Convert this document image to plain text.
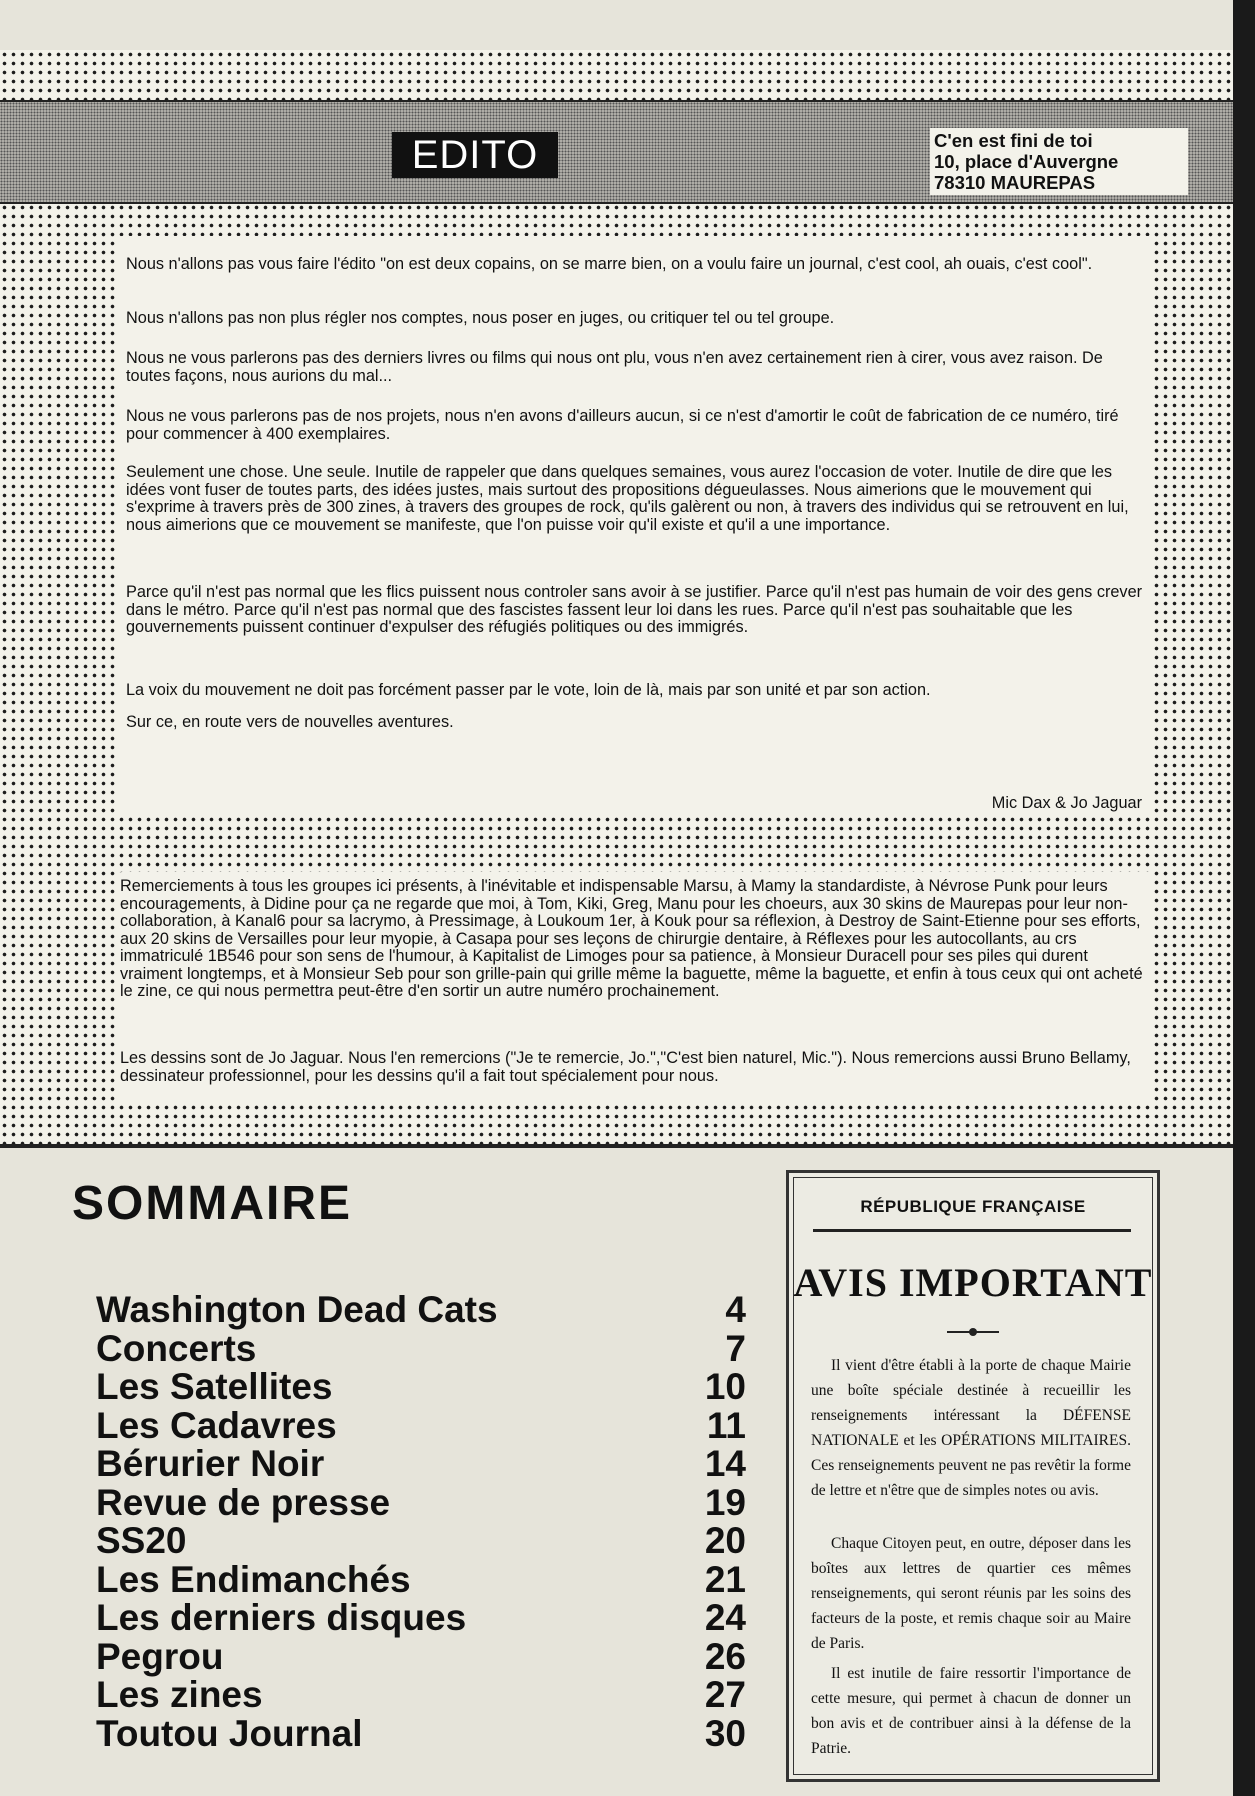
EDITO	C'en est fini de toi
10, place d'Auvergne
78310 MAUREPAS

Nous n'allons pas vous faire l'édito "on est deux copains, on se marre bien, on a voulu faire un journal, c'est cool, ah ouais, c'est cool".

Nous n'allons pas non plus régler nos comptes, nous poser en juges, ou critiquer tel ou tel groupe.

Nous ne vous parlerons pas des derniers livres ou films qui nous ont plu, vous n'en avez certainement rien à cirer, vous avez raison. De toutes façons, nous aurions du mal...

Nous ne vous parlerons pas de nos projets, nous n'en avons d'ailleurs aucun, si ce n'est d'amortir le coût de fabrication de ce numéro, tiré pour commencer à 400 exemplaires.

Seulement une chose. Une seule. Inutile de rappeler que dans quelques semaines, vous aurez l'occasion de voter. Inutile de dire que les idées vont fuser de toutes parts, des idées justes, mais surtout des propositions dégueulasses. Nous aimerions que le mouvement qui s'exprime à travers près de 300 zines, à travers des groupes de rock, qu'ils galèrent ou non, à travers des individus qui se retrouvent en lui, nous aimerions que ce mouvement se manifeste, que l'on puisse voir qu'il existe et qu'il a une importance.

Parce qu'il n'est pas normal que les flics puissent nous controler sans avoir à se justifier. Parce qu'il n'est pas humain de voir des gens crever dans le métro. Parce qu'il n'est pas normal que des fascistes fassent leur loi dans les rues. Parce qu'il n'est pas souhaitable que les gouvernements puissent continuer d'expulser des réfugiés politiques ou des immigrés.

La voix du mouvement ne doit pas forcément passer par le vote, loin de là, mais par son unité et par son action.

Sur ce, en route vers de nouvelles aventures.

Mic Dax & Jo Jaguar

Remerciements à tous les groupes ici présents, à l'inévitable et indispensable Marsu, à Mamy la standardiste, à Névrose Punk pour leurs encouragements, à Didine pour ça ne regarde que moi, à Tom, Kiki, Greg, Manu pour les choeurs, aux 30 skins de Maurepas pour leur non-collaboration, à Kanal6 pour sa lacrymo, à Pressimage, à Loukoum 1er, à Kouk pour sa réflexion, à Destroy de Saint-Etienne pour ses efforts, aux 20 skins de Versailles pour leur myopie, à Casapa pour ses leçons de chirurgie dentaire, à Réflexes pour les autocollants, au crs immatriculé 1B546 pour son sens de l'humour, à Kapitalist de Limoges pour sa patience, à Monsieur Duracell pour ses piles qui durent vraiment longtemps, et à Monsieur Seb pour son grille-pain qui grille même la baguette, même la baguette, et enfin à tous ceux qui ont acheté le zine, ce qui nous permettra peut-être d'en sortir un autre numéro prochainement.

Les dessins sont de Jo Jaguar. Nous l'en remercions ("Je te remercie, Jo.","C'est bien naturel, Mic."). Nous remercions aussi Bruno Bellamy, dessinateur professionnel, pour les dessins qu'il a fait tout spécialement pour nous.

SOMMAIRE
Washington Dead Cats	4
Concerts	7
Les Satellites	10
Les Cadavres	11
Bérurier Noir	14
Revue de presse	19
SS20	20
Les Endimanchés	21
Les derniers disques	24
Pegrou	26
Les zines	27
Toutou Journal	30
RÉPUBLIQUE FRANÇAISE
AVIS IMPORTANT

Il vient d'être établi à la porte de chaque Mairie une boîte spéciale destinée à recueillir les renseignements intéressant la DÉFENSE NATIONALE et les OPÉRATIONS MILITAIRES. Ces renseignements peuvent ne pas revêtir la forme de lettre et n'être que de simples notes ou avis.

Chaque Citoyen peut, en outre, déposer dans les boîtes aux lettres de quartier ces mêmes renseignements, qui seront réunis par les soins des facteurs de la poste, et remis chaque soir au Maire de Paris.

Il est inutile de faire ressortir l'importance de cette mesure, qui permet à chacun de donner un bon avis et de contribuer ainsi à la défense de la Patrie.
